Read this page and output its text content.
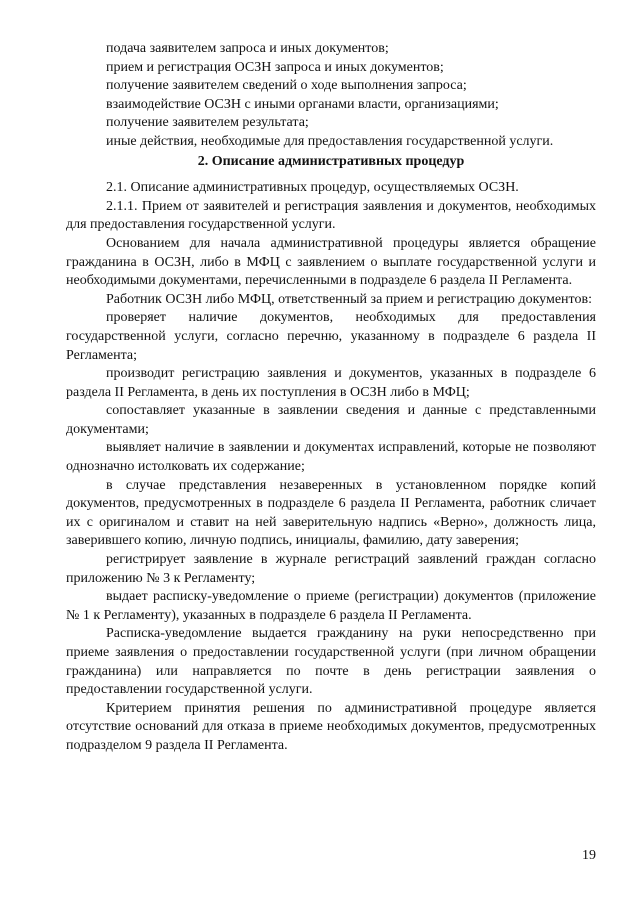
подача заявителем запроса и иных документов;

прием и регистрация ОСЗН запроса и иных документов;

получение заявителем сведений о ходе выполнения запроса;

взаимодействие ОСЗН с иными органами власти, организациями;

получение заявителем результата;

иные действия, необходимые для предоставления государственной услуги.

2. Описание административных процедур

2.1. Описание административных процедур, осуществляемых ОСЗН.

2.1.1. Прием от заявителей и регистрация заявления и документов, необходимых для предоставления государственной услуги.

Основанием для начала административной процедуры является обращение гражданина в ОСЗН, либо в МФЦ с заявлением о выплате государственной услуги и необходимыми документами, перечисленными в подразделе 6 раздела II Регламента.

Работник ОСЗН либо МФЦ, ответственный за прием и регистрацию документов:

проверяет наличие документов, необходимых для предоставления государственной услуги, согласно перечню, указанному в подразделе 6 раздела II Регламента;

производит регистрацию заявления и документов, указанных в подразделе 6 раздела II Регламента, в день их поступления в ОСЗН либо в МФЦ;

сопоставляет указанные в заявлении сведения и данные с представленными документами;

выявляет наличие в заявлении и документах исправлений, которые не позволяют однозначно истолковать их содержание;

в случае представления незаверенных в установленном порядке копий документов, предусмотренных в подразделе 6 раздела II Регламента, работник сличает их с оригиналом и ставит на ней заверительную надпись «Верно», должность лица, заверившего копию, личную подпись, инициалы, фамилию, дату заверения;

регистрирует заявление в журнале регистраций заявлений граждан согласно приложению № 3 к Регламенту;

выдает расписку-уведомление о приеме (регистрации) документов (приложение № 1 к Регламенту), указанных в подразделе 6 раздела II Регламента.

Расписка-уведомление выдается гражданину на руки непосредственно при приеме заявления о предоставлении государственной услуги (при личном обращении гражданина) или направляется по почте в день регистрации заявления о предоставлении государственной услуги.

Критерием принятия решения по административной процедуре является отсутствие оснований для отказа в приеме необходимых документов, предусмотренных подразделом 9 раздела II Регламента.

19
